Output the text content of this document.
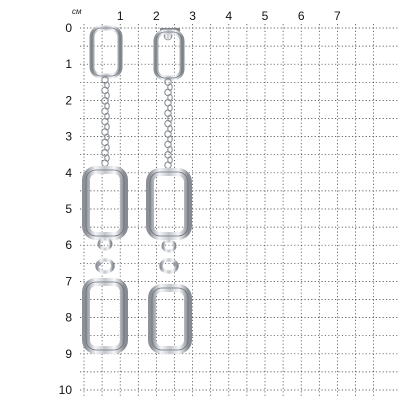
см	1 2 3 4 5 6 7
0
1
2
3
4
5
6
7
8
9
10
